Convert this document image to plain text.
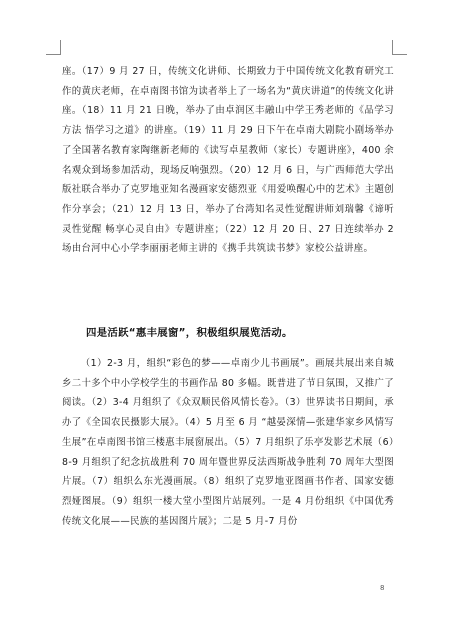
座。（17）9 月 27 日，传统文化讲师、长期致力于中国传统文化教育研究工作的黄庆老师，在卓南图书馆为读者举上了一场名为“黄庆讲道”的传统文化讲座。（18）11 月 21 日晚，举办了由卓润区丰融山中学王秀老师的《品学习方法 悟学习之道》的讲座。（19）11 月 29 日下午在卓南大剧院小剧场举办了全国著名教育家陶继新老师的《读写卓星教师（家长）专题讲座》，400 余名观众到场参加活动，现场反响强烈。（20）12 月 6 日，与广西师范大学出版社联合举办了克罗地亚知名漫画家安德烈亚《用爱唤醒心中的艺术》主题创作分享会；（21）12 月 13 日，举办了台湾知名灵性觉醒讲师刘瑞馨《谛听灵性觉醒 畅享心灵自由》专题讲座；（22）12 月 20 日、27 日连续举办 2 场由台河中心小学李丽丽老师主讲的《携手共筑读书梦》家校公益讲座。

四是活跃“惠丰展窗”，积极组织展览活动。

（1）2-3 月，组织“彩色的梦——卓南少儿书画展”。画展共展出来自城乡二十多个中小学校学生的书画作品 80 多幅。既普进了节日氛围，又推广了阅读。（2）3-4 月组织了《众双顺民俗风情长卷》。（3）世界读书日期间，承办了《全国农民摄影大展》。（4）5 月至 6 月 “越晏深情—张建华家乡风情写生展”在卓南图书馆三楼惠丰展窗展出。（5）7 月组织了乐亭发影艺术展（6）8-9 月组织了纪念抗战胜利 70 周年暨世界反法西斯战争胜利 70 周年大型图片展。（7）组织么东光漫画展。（8）组织了克罗地亚图画书作者、国家安德烈娅图展。（9）组织一楼大堂小型图片站展列。一是 4 月份组织《中国优秀传统文化展——民族的基因图片展》；二是 5 月-7 月份

8
